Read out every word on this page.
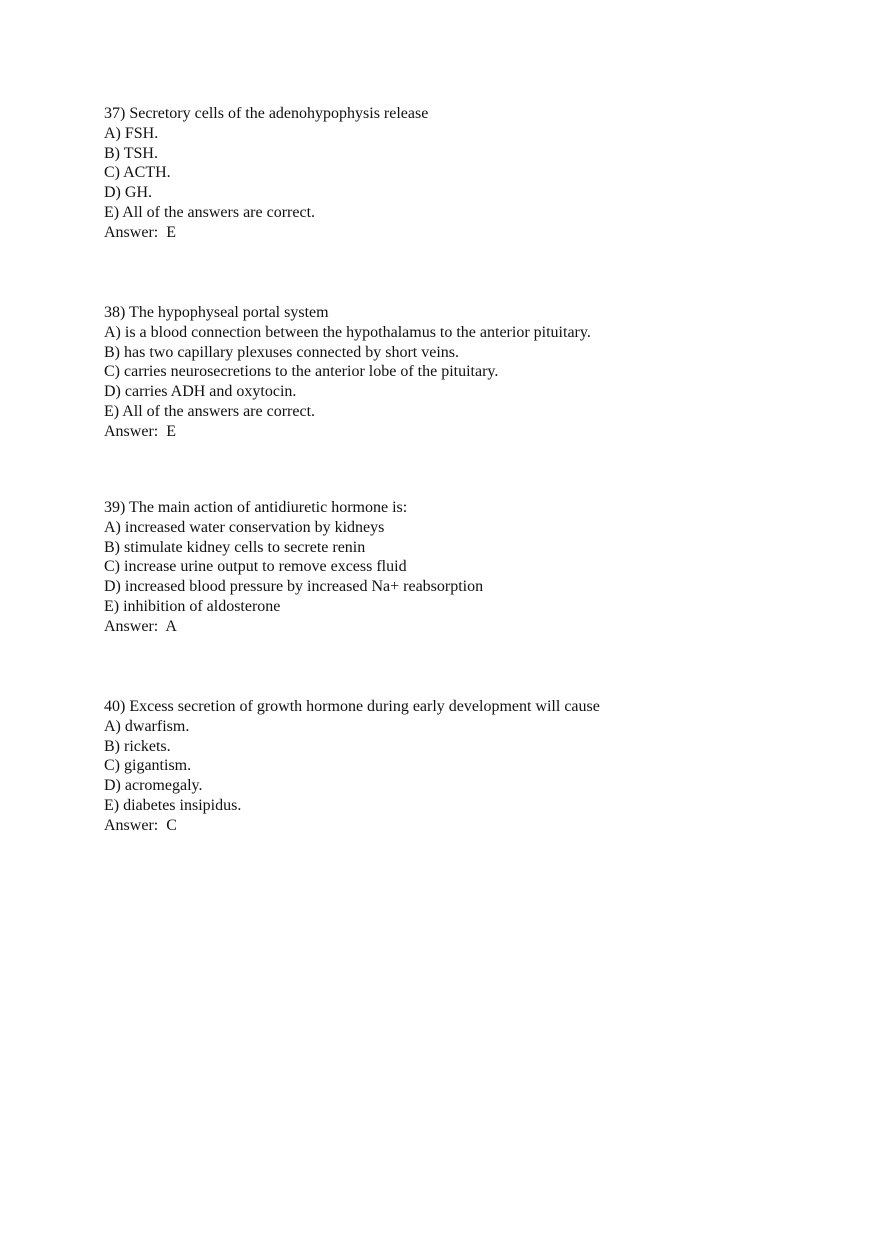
37) Secretory cells of the adenohypophysis release
A) FSH.
B) TSH.
C) ACTH.
D) GH.
E) All of the answers are correct.
Answer:  E
38) The hypophyseal portal system
A) is a blood connection between the hypothalamus to the anterior pituitary.
B) has two capillary plexuses connected by short veins.
C) carries neurosecretions to the anterior lobe of the pituitary.
D) carries ADH and oxytocin.
E) All of the answers are correct.
Answer:  E
39) The main action of antidiuretic hormone is:
A) increased water conservation by kidneys
B) stimulate kidney cells to secrete renin
C) increase urine output to remove excess fluid
D) increased blood pressure by increased Na+ reabsorption
E) inhibition of aldosterone
Answer:  A
40) Excess secretion of growth hormone during early development will cause
A) dwarfism.
B) rickets.
C) gigantism.
D) acromegaly.
E) diabetes insipidus.
Answer:  C
